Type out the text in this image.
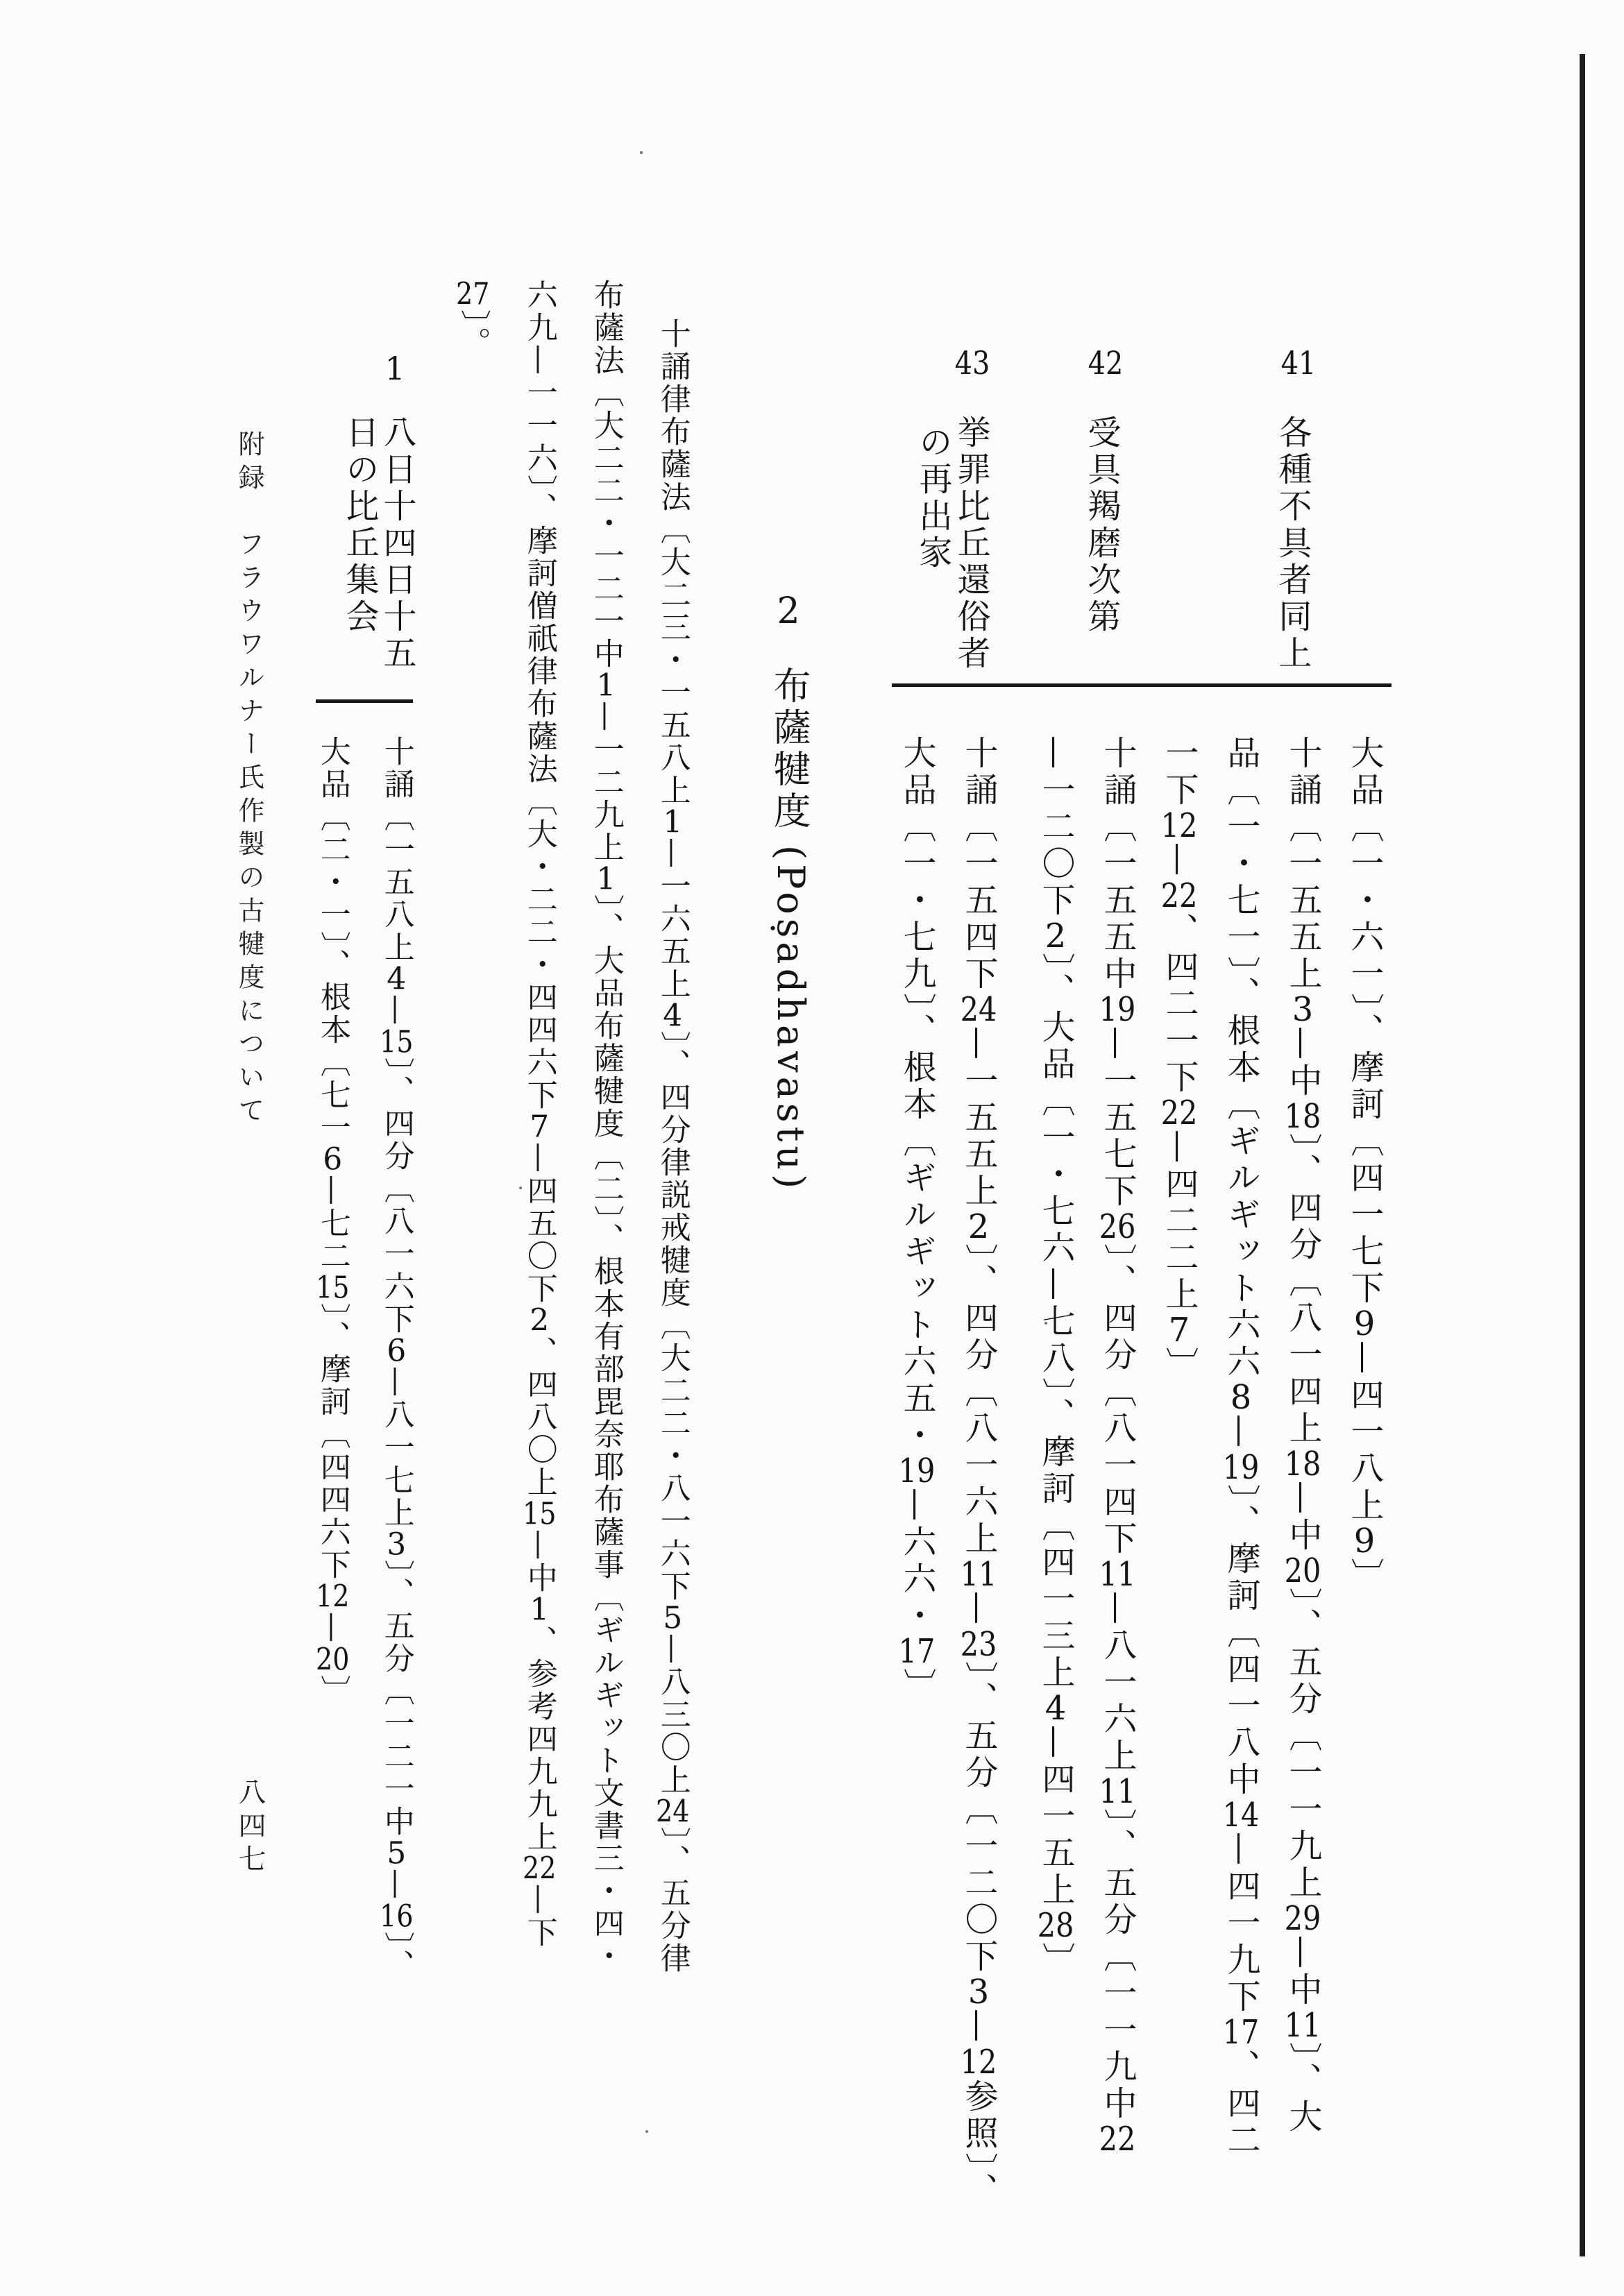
41
各種不具者同上
大品〔一・六一〕、摩訶〔四一七下9—四一八上9〕
十誦〔一五五上3—中18〕、四分〔八一四上18—中20〕、五分〔一一九上29—中11〕、大
品〔一・七一〕、根本〔ギルギット六六8—19〕、摩訶〔四一八中14—四一九下17、四二
一下12—22、四二一下22—四二二上7〕
42
受具羯磨次第
十誦〔一五五中19—一五七下26〕、四分〔八一四下11—八一六上11〕、五分〔一一九中22
—一二〇下2〕、大品〔一・七六—七八〕、摩訶〔四一三上4—四一五上28〕
43
挙罪比丘還俗者
の再出家
十誦〔一五四下24—一五五上2〕、四分〔八一六上11—23〕、五分〔一二〇下3—12参照〕、
大品〔一・七九〕、根本〔ギルギット六五・19—六六・17〕
2
布薩犍度
(Poṣadhavastu)
十誦律布薩法〔大二三・一五八上1—一六五上4〕、四分律説戒犍度〔大二二・八一六下5—八三〇上24〕、五分律
布薩法〔大二二・一二一中1—一二九上1〕、大品布薩犍度〔二〕、根本有部毘奈耶布薩事〔ギルギット文書三・四・
六九—一一六〕、摩訶僧祇律布薩法〔大・二二・四四六下7—四五〇下2、四八〇上15—中1、参考四九九上22—下
27〕。
1
八日十四日十五
日の比丘集会
十誦〔一五八上4—15〕、四分〔八一六下6—八一七上3〕、五分〔一二一中5—16〕、
大品〔二・一〕、根本〔七一6—七二15〕、摩訶〔四四六下12—20〕
附録　フラウワルナー氏作製の古犍度について
八四七
